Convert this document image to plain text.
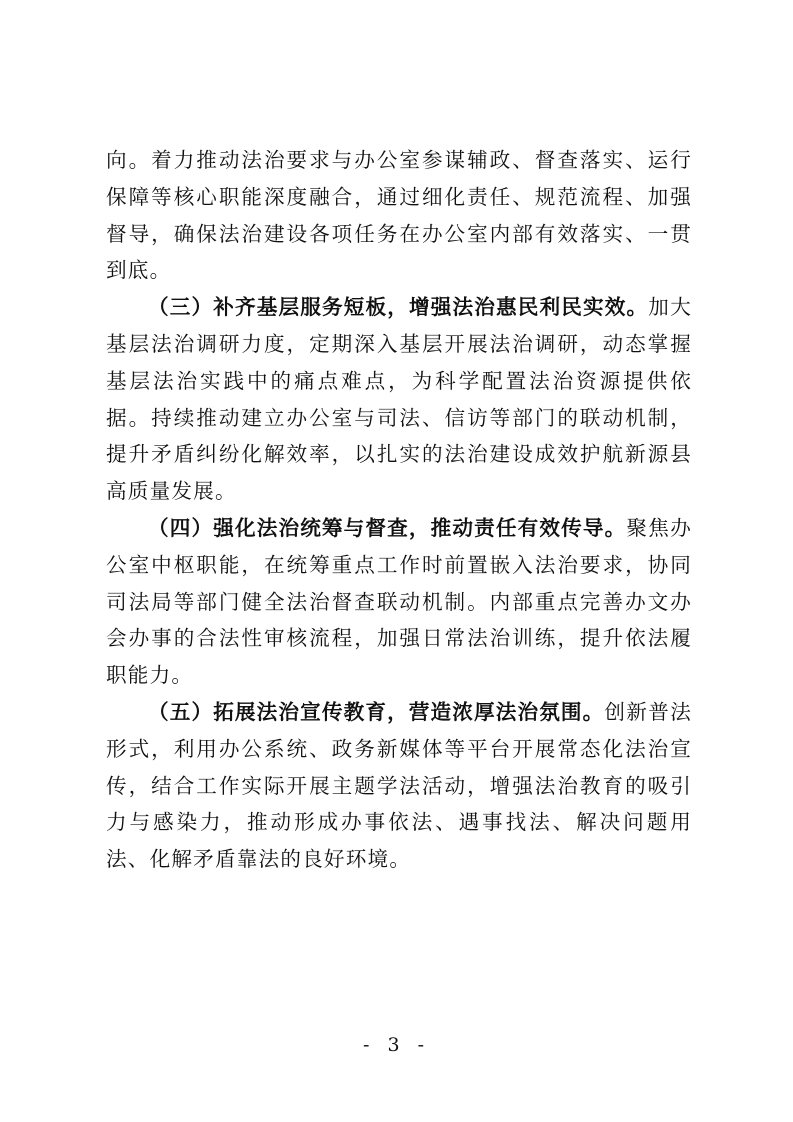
向。着力推动法治要求与办公室参谋辅政、督查落实、运行保障等核心职能深度融合，通过细化责任、规范流程、加强督导，确保法治建设各项任务在办公室内部有效落实、一贯到底。

（三）补齐基层服务短板，增强法治惠民利民实效。加大基层法治调研力度，定期深入基层开展法治调研，动态掌握基层法治实践中的痛点难点，为科学配置法治资源提供依据。持续推动建立办公室与司法、信访等部门的联动机制，提升矛盾纠纷化解效率，以扎实的法治建设成效护航新源县高质量发展。

（四）强化法治统筹与督查，推动责任有效传导。聚焦办公室中枢职能，在统筹重点工作时前置嵌入法治要求，协同司法局等部门健全法治督查联动机制。内部重点完善办文办会办事的合法性审核流程，加强日常法治训练，提升依法履职能力。

（五）拓展法治宣传教育，营造浓厚法治氛围。创新普法形式，利用办公系统、政务新媒体等平台开展常态化法治宣传，结合工作实际开展主题学法活动，增强法治教育的吸引力与感染力，推动形成办事依法、遇事找法、解决问题用法、化解矛盾靠法的良好环境。

- 3 -
